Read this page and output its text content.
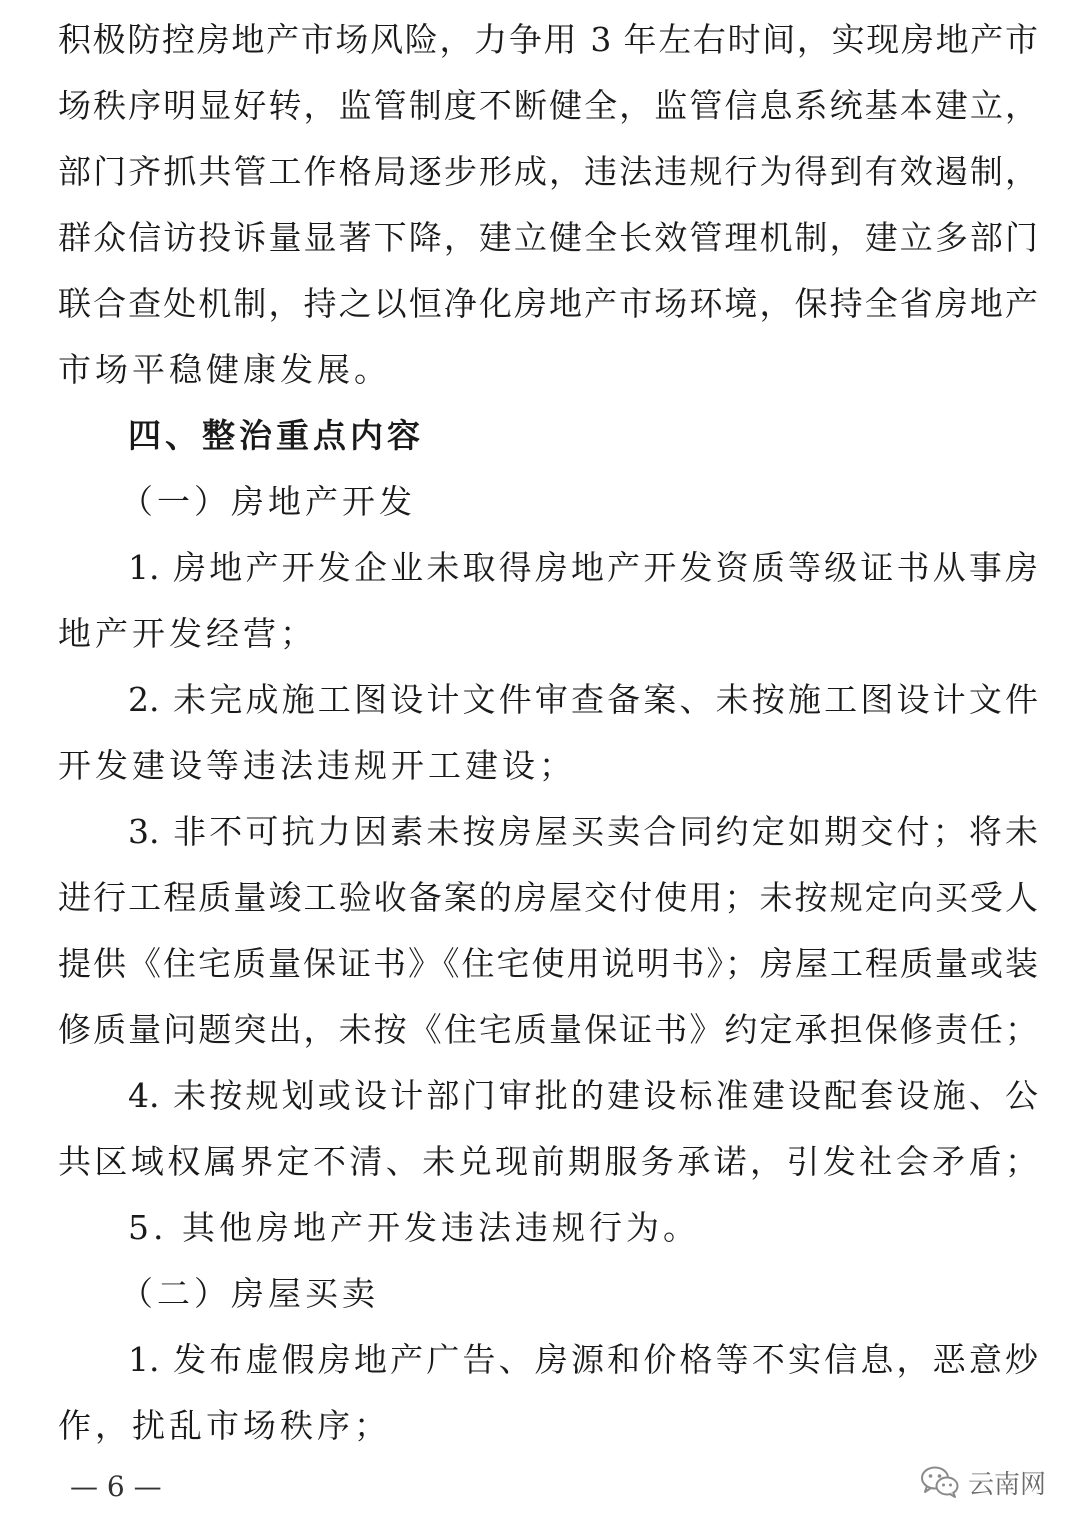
积极防控房地产市场风险，力争用 3 年左右时间，实现房地产市
场秩序明显好转，监管制度不断健全，监管信息系统基本建立，
部门齐抓共管工作格局逐步形成，违法违规行为得到有效遏制，
群众信访投诉量显著下降，建立健全长效管理机制，建立多部门
联合查处机制，持之以恒净化房地产市场环境，保持全省房地产
市场平稳健康发展。
四、整治重点内容
（一）房地产开发
1. 房地产开发企业未取得房地产开发资质等级证书从事房
地产开发经营；
2. 未完成施工图设计文件审查备案、未按施工图设计文件
开发建设等违法违规开工建设；
3. 非不可抗力因素未按房屋买卖合同约定如期交付；将未
进行工程质量竣工验收备案的房屋交付使用；未按规定向买受人
提供《住宅质量保证书》《住宅使用说明书》；房屋工程质量或装
修质量问题突出，未按《住宅质量保证书》约定承担保修责任；
4. 未按规划或设计部门审批的建设标准建设配套设施、公
共区域权属界定不清、未兑现前期服务承诺，引发社会矛盾；
5. 其他房地产开发违法违规行为。
（二）房屋买卖
1. 发布虚假房地产广告、房源和价格等不实信息，恶意炒
作，扰乱市场秩序；
— 6 —	云南网
